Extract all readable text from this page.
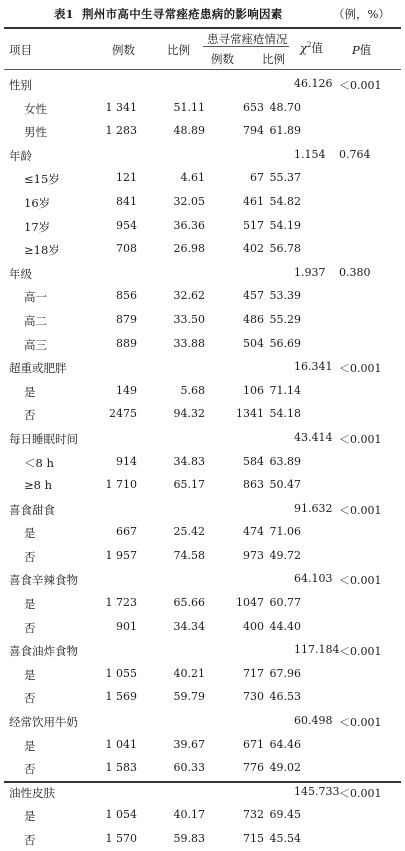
表1 荆州市高中生寻常痤疮患病的影响因素	（例，%）
项目	例数	比例
患寻常痤疮情况
例数 比例
$\chi^2$值	P值
性别	46.126 ＜0.001
女性	1 341	51.11	653 48.70
男性	1 283	48.89	794 61.89
年龄	1.154 0.764
≤15岁	121	4.61	67 55.37
16岁	841	32.05	461 54.82
17岁	954	36.36	517 54.19
≥18岁	708	26.98	402 56.78
年级	1.937 0.380
高一	856	32.62	457 53.39
高二	879	33.50	486 55.29
高三	889	33.88	504 56.69
超重或肥胖	16.341 ＜0.001
是	149	5.68	106 71.14
否	2475	94.32	1341 54.18
每日睡眠时间	43.414 ＜0.001
＜8 h	914	34.83	584 63.89
≥8 h	1 710	65.17	863 50.47
喜食甜食	91.632 ＜0.001
是	667	25.42	474 71.06
否	1 957	74.58	973 49.72
喜食辛辣食物	64.103 ＜0.001
是	1 723	65.66	1047 60.77
否	901	34.34	400 44.40
喜食油炸食物	117.184 ＜0.001
是	1 055	40.21	717 67.96
否	1 569	59.79	730 46.53
经常饮用牛奶	60.498 ＜0.001
是	1 041	39.67	671 64.46
否	1 583	60.33	776 49.02
油性皮肤	145.733 ＜0.001
是	1 054	40.17	732 69.45
否	1 570	59.83	715 45.54
